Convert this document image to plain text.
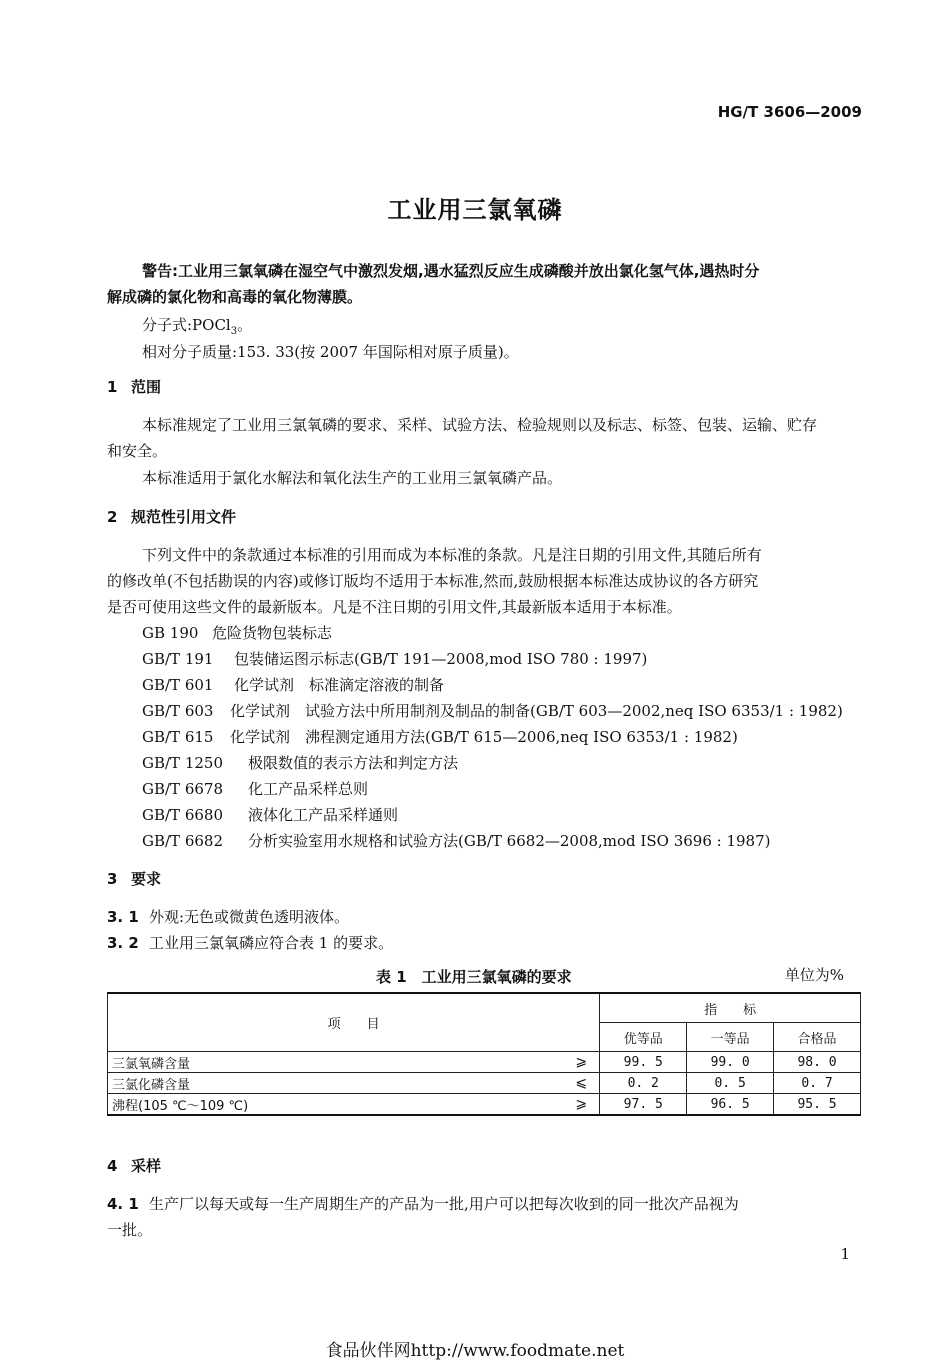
HG/T 3606—2009
工业用三氯氧磷
警告:工业用三氯氧磷在湿空气中激烈发烟,遇水猛烈反应生成磷酸并放出氯化氢气体,遇热时分
解成磷的氯化物和高毒的氧化物薄膜。
分子式:POCl$_3$。
相对分子质量:153. 33(按 2007 年国际相对原子质量)。
1 范围
本标准规定了工业用三氯氧磷的要求、采样、试验方法、检验规则以及标志、标签、包装、运输、贮存
和安全。
本标准适用于氯化水解法和氧化法生产的工业用三氯氧磷产品。
2 规范性引用文件
下列文件中的条款通过本标准的引用而成为本标准的条款。凡是注日期的引用文件,其随后所有
的修改单(不包括勘误的内容)或修订版均不适用于本标准,然而,鼓励根据本标准达成协议的各方研究
是否可使用这些文件的最新版本。凡是不注日期的引用文件,其最新版本适用于本标准。
GB 190 危险货物包装标志
GB/T 191 包装储运图示标志(GB/T 191—2008,mod ISO 780 : 1997)
GB/T 601 化学试剂　标准滴定溶液的制备
GB/T 603 化学试剂　试验方法中所用制剂及制品的制备(GB/T 603—2002,neq ISO 6353/1 : 1982)
GB/T 615 化学试剂　沸程测定通用方法(GB/T 615—2006,neq ISO 6353/1 : 1982)
GB/T 1250 极限数值的表示方法和判定方法
GB/T 6678 化工产品采样总则
GB/T 6680 液体化工产品采样通则
GB/T 6682 分析实验室用水规格和试验方法(GB/T 6682—2008,mod ISO 3696 : 1987)
3 要求
3. 1 外观:无色或微黄色透明液体。
3. 2 工业用三氯氧磷应符合表 1 的要求。
表 1　工业用三氯氧磷的要求	单位为%
项　　目		指　　标		
		优等品	一等品	合格品
三氯氧磷含量	⩾	99. 5	99. 0	98. 0
三氯化磷含量	⩽	0. 2	0. 5	0. 7
沸程(105 ℃～109 ℃)	⩾	97. 5	96. 5	95. 5
4 采样
4. 1 生产厂以每天或每一生产周期生产的产品为一批,用户可以把每次收到的同一批次产品视为
一批。
1
食品伙伴网http://www.foodmate.net
